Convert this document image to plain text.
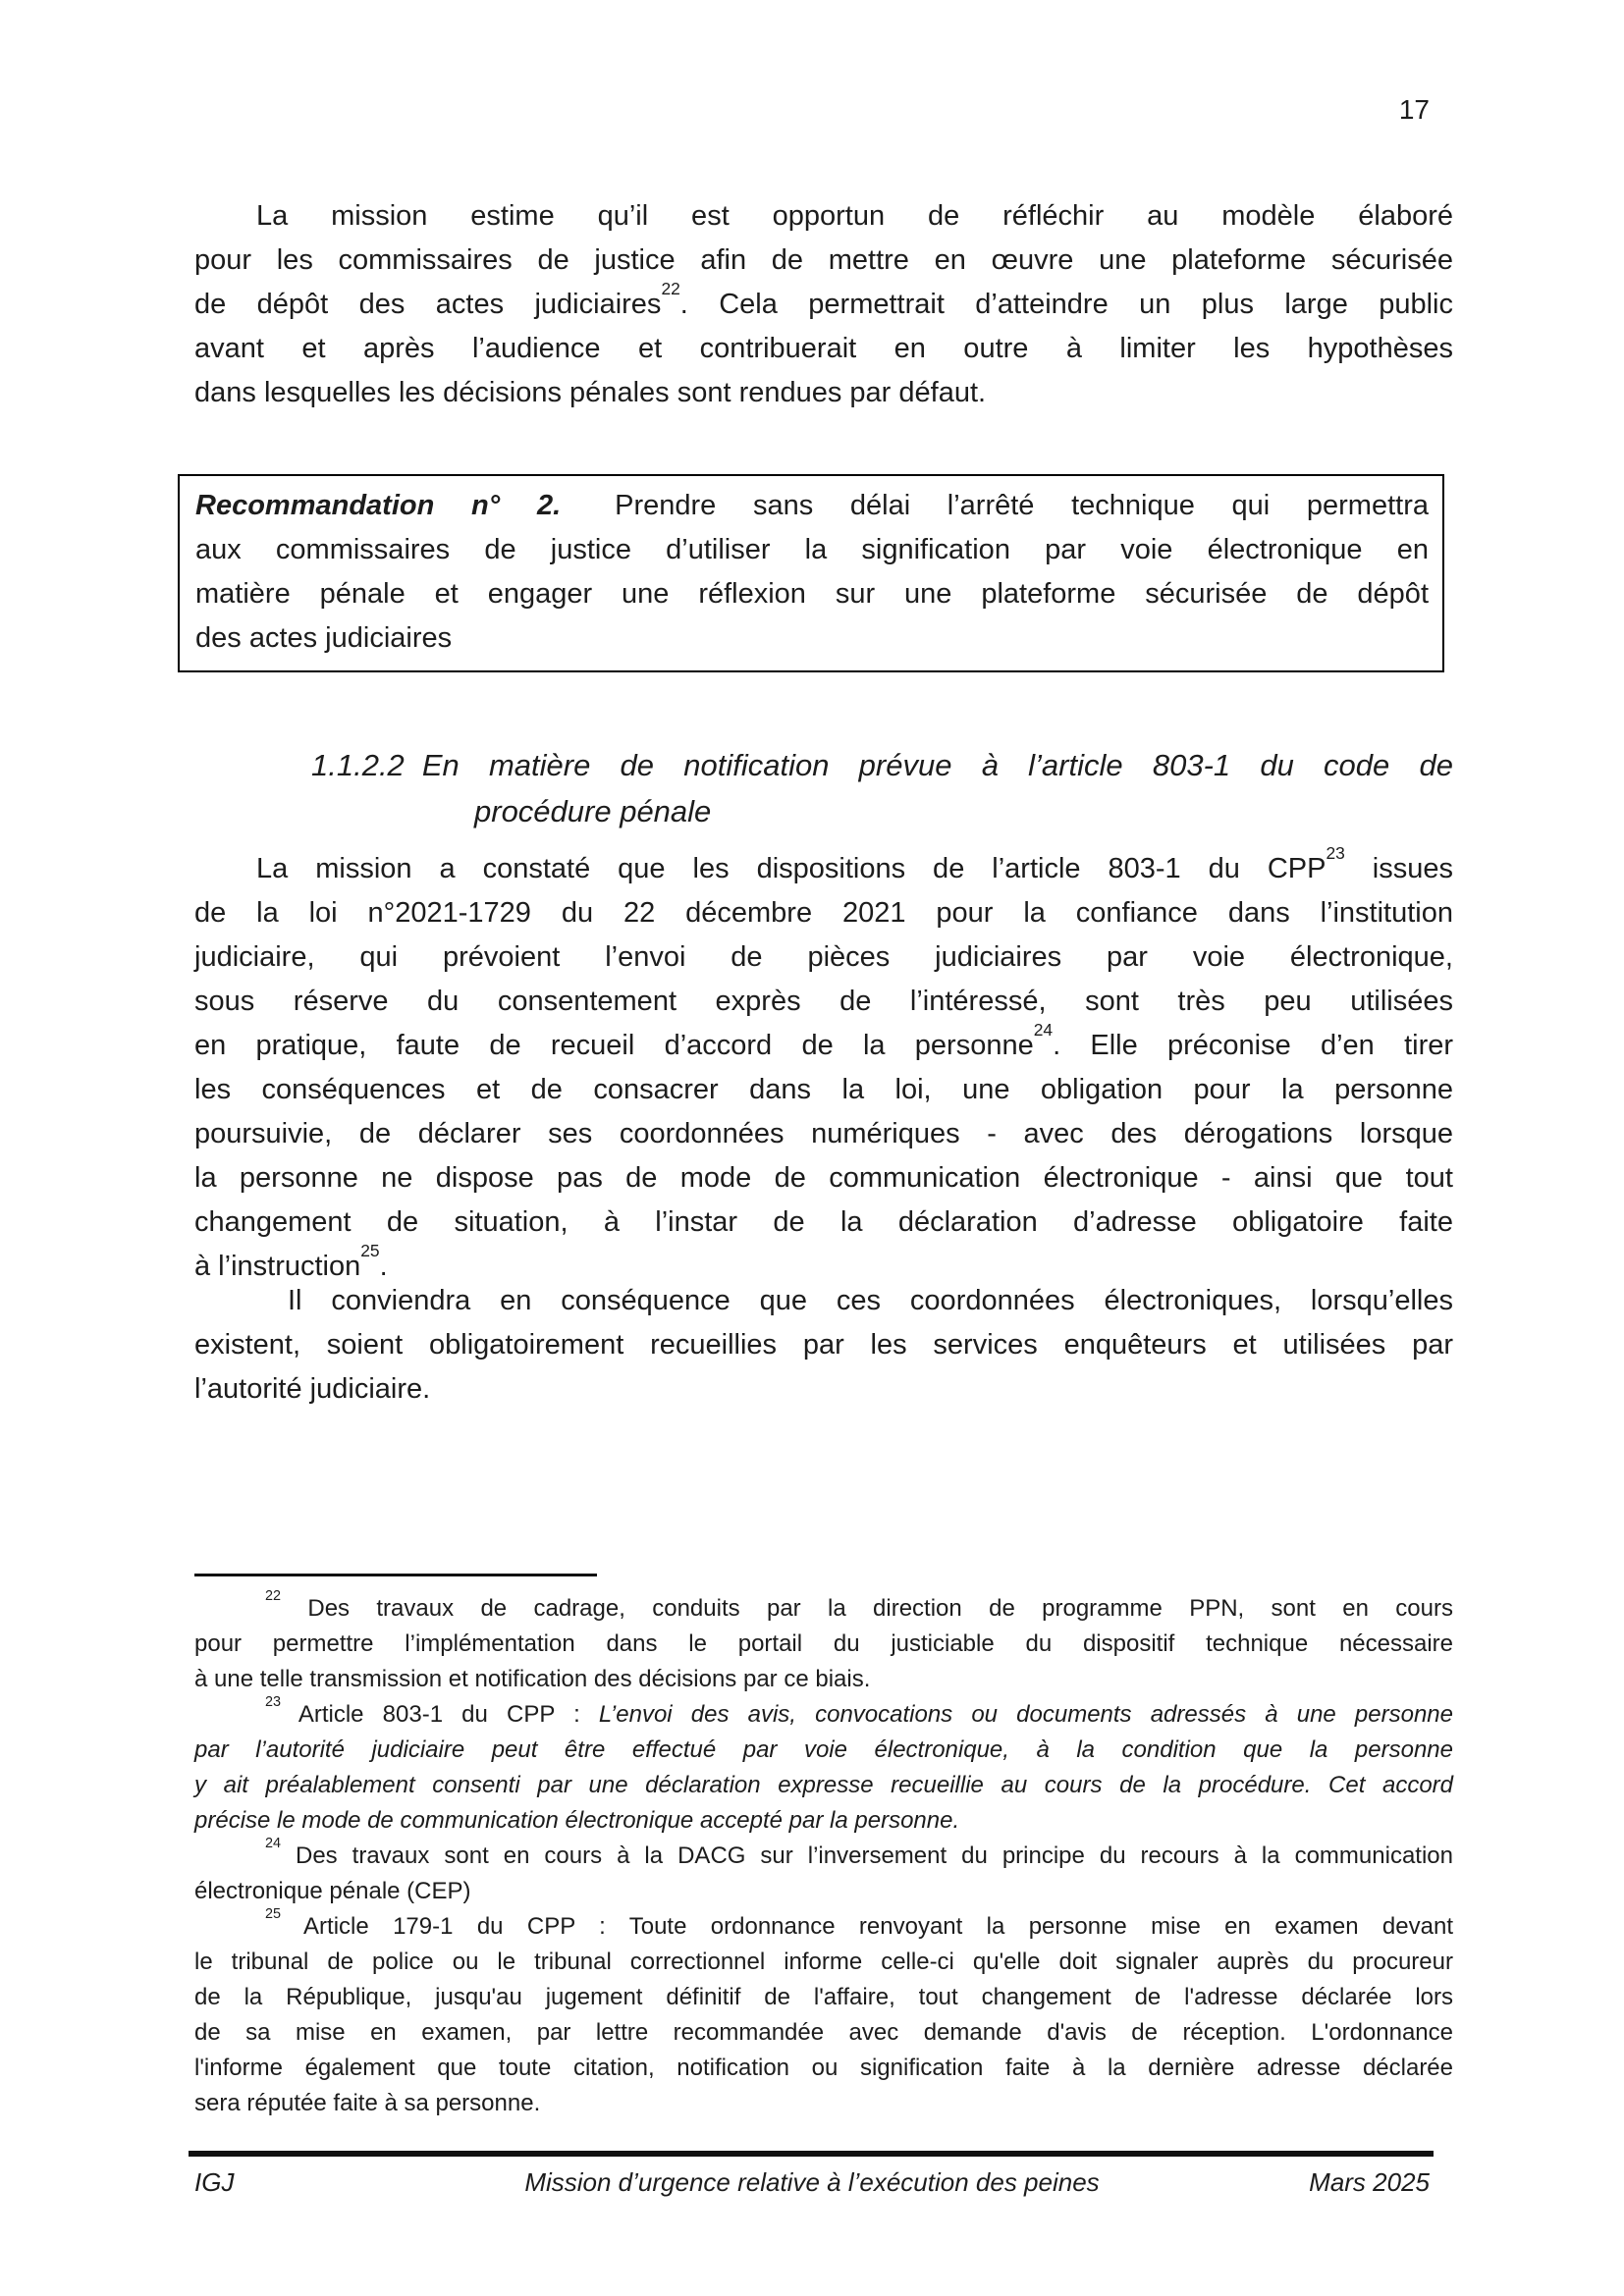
17
La mission estime qu’il est opportun de réfléchir au modèle élaboré
pour les commissaires de justice afin de mettre en œuvre une plateforme sécurisée
de dépôt des actes judiciaires$^{22}$. Cela permettrait d’atteindre un plus large public
avant et après l’audience et contribuerait en outre à limiter les hypothèses
dans lesquelles les décisions pénales sont rendues par défaut.
Recommandation n° 2. Prendre sans délai l’arrêté technique qui permettra
aux commissaires de justice d’utiliser la signification par voie électronique en
matière pénale et engager une réflexion sur une plateforme sécurisée de dépôt
des actes judiciaires
1.1.2.2 En matière de notification prévue à l’article 803-1 du code de
procédure pénale
La mission a constaté que les dispositions de l’article 803-1 du CPP$^{23}$ issues
de la loi n°2021-1729 du 22 décembre 2021 pour la confiance dans l’institution
judiciaire, qui prévoient l’envoi de pièces judiciaires par voie électronique,
sous réserve du consentement exprès de l’intéressé, sont très peu utilisées
en pratique, faute de recueil d’accord de la personne$^{24}$. Elle préconise d’en tirer
les conséquences et de consacrer dans la loi, une obligation pour la personne
poursuivie, de déclarer ses coordonnées numériques - avec des dérogations lorsque
la personne ne dispose pas de mode de communication électronique - ainsi que tout
changement de situation, à l’instar de la déclaration d’adresse obligatoire faite
à l’instruction$^{25}$.
Il conviendra en conséquence que ces coordonnées électroniques, lorsqu’elles
existent, soient obligatoirement recueillies par les services enquêteurs et utilisées par
l’autorité judiciaire.
$^{22}$ Des travaux de cadrage, conduits par la direction de programme PPN, sont en cours
pour permettre l’implémentation dans le portail du justiciable du dispositif technique nécessaire
à une telle transmission et notification des décisions par ce biais.
$^{23}$ Article 803-1 du CPP : L’envoi des avis, convocations ou documents adressés à une personne
par l’autorité judiciaire peut être effectué par voie électronique, à la condition que la personne
y ait préalablement consenti par une déclaration expresse recueillie au cours de la procédure. Cet accord
précise le mode de communication électronique accepté par la personne.
$^{24}$ Des travaux sont en cours à la DACG sur l’inversement du principe du recours à la communication
électronique pénale (CEP)
$^{25}$ Article 179-1 du CPP : Toute ordonnance renvoyant la personne mise en examen devant
le tribunal de police ou le tribunal correctionnel informe celle-ci qu'elle doit signaler auprès du procureur
de la République, jusqu'au jugement définitif de l'affaire, tout changement de l'adresse déclarée lors
de sa mise en examen, par lettre recommandée avec demande d'avis de réception. L'ordonnance
l'informe également que toute citation, notification ou signification faite à la dernière adresse déclarée
sera réputée faite à sa personne.
IGJ	Mission d’urgence relative à l’exécution des peines	Mars 2025
